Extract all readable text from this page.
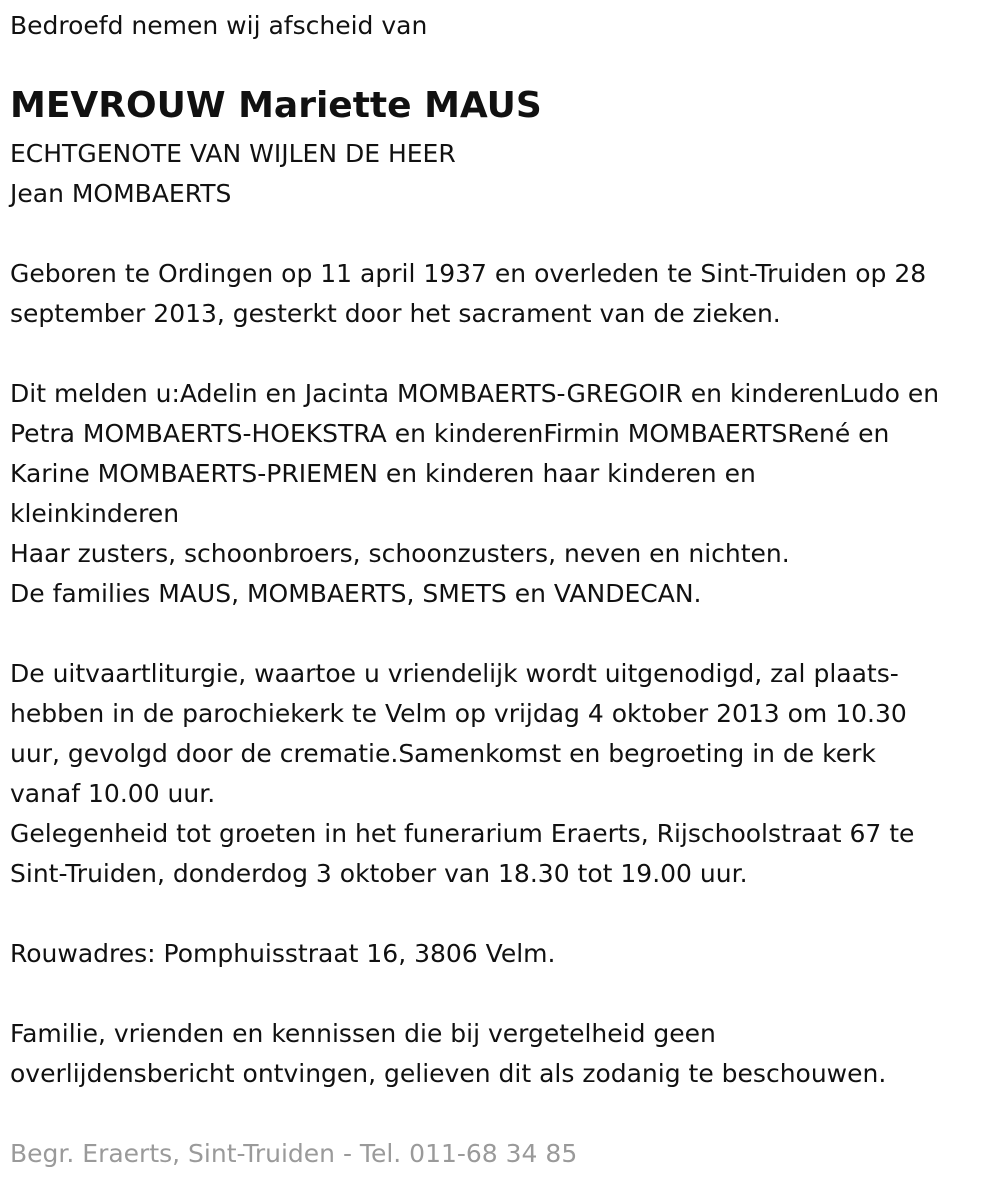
Bedroefd nemen wij afscheid van
MEVROUW Mariette MAUS
ECHTGENOTE VAN WIJLEN DE HEER
Jean MOMBAERTS
Geboren te Ordingen op 11 april 1937 en overleden te Sint-Truiden op 28
september 2013, gesterkt door het sacrament van de zieken.
Dit melden u:Adelin en Jacinta MOMBAERTS-GREGOIR en kinderenLudo en
Petra MOMBAERTS-HOEKSTRA en kinderenFirmin MOMBAERTSRené en
Karine MOMBAERTS-PRIEMEN en kinderen haar kinderen en
kleinkinderen
Haar zusters, schoonbroers, schoonzusters, neven en nichten.
De families MAUS, MOMBAERTS, SMETS en VANDECAN.
De uitvaartliturgie, waartoe u vriendelijk wordt uitgenodigd, zal plaats-
hebben in de parochiekerk te Velm op vrijdag 4 oktober 2013 om 10.30
uur, gevolgd door de crematie.Samenkomst en begroeting in de kerk
vanaf 10.00 uur.
Gelegenheid tot groeten in het funerarium Eraerts, Rijschoolstraat 67 te
Sint-Truiden, donderdog 3 oktober van 18.30 tot 19.00 uur.
Rouwadres: Pomphuisstraat 16, 3806 Velm.
Familie, vrienden en kennissen die bij vergetelheid geen
overlijdensbericht ontvingen, gelieven dit als zodanig te beschouwen.
Begr. Eraerts, Sint-Truiden - Tel. 011-68 34 85
